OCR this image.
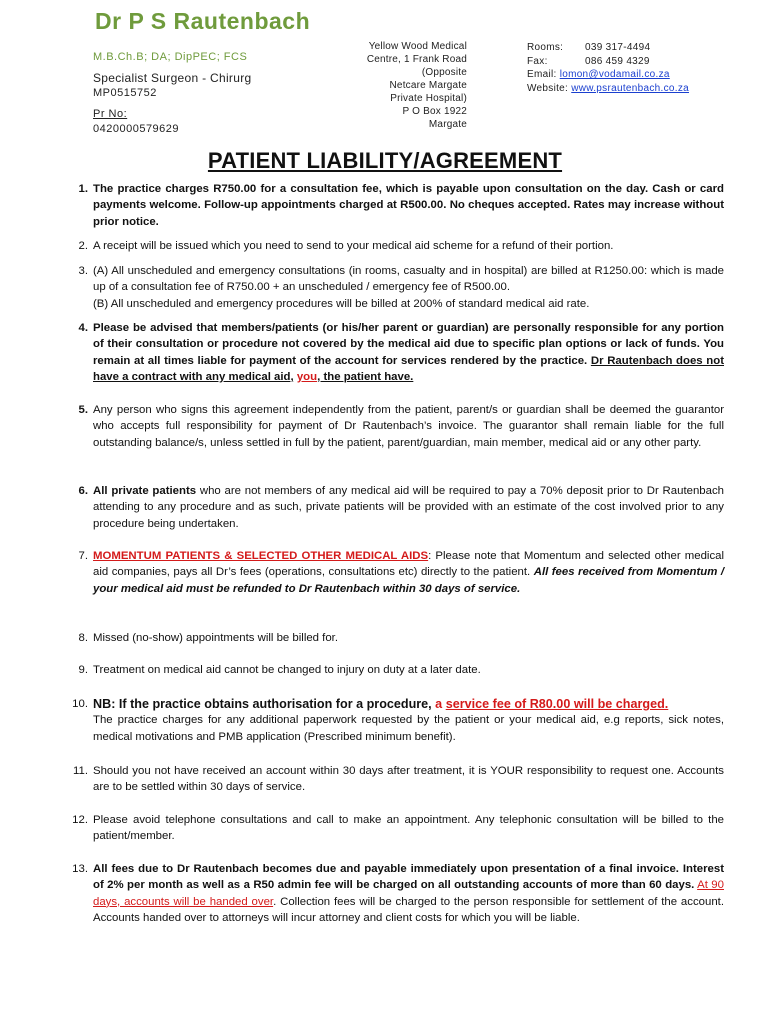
Dr P S Rautenbach
M.B.Ch.B; DA; DipPEC; FCS
Specialist Surgeon - Chirurg
MP0515752
Pr No:
0420000579629
Yellow Wood Medical
Centre, 1 Frank Road
(Opposite
Netcare Margate
Private Hospital)
P O Box 1922
Margate
Rooms: 039 317-4494
Fax:	086 459 4329
Email: lomon@vodamail.co.za
Website: www.psrautenbach.co.za
PATIENT LIABILITY/AGREEMENT
1. The practice charges R750.00 for a consultation fee, which is payable upon consultation on the day. Cash or card payments welcome. Follow-up appointments charged at R500.00. No cheques accepted. Rates may increase without prior notice.

2. A receipt will be issued which you need to send to your medical aid scheme for a refund of their portion.

3. (A) All unscheduled and emergency consultations (in rooms, casualty and in hospital) are billed at R1250.00: which is made up of a consultation fee of R750.00 + an unscheduled / emergency fee of R500.00.

(B) All unscheduled and emergency procedures will be billed at 200% of standard medical aid rate.

4. Please be advised that members/patients (or his/her parent or guardian) are personally responsible for any portion of their consultation or procedure not covered by the medical aid due to specific plan options or lack of funds. You remain at all times liable for payment of the account for services rendered by the practice. Dr Rautenbach does not have a contract with any medical aid, you, the patient have.

5. Any person who signs this agreement independently from the patient, parent/s or guardian shall be deemed the guarantor who accepts full responsibility for payment of Dr Rautenbach’s invoice. The guarantor shall remain liable for the full outstanding balance/s, unless settled in full by the patient, parent/guardian, main member, medical aid or any other party.

6. All private patients who are not members of any medical aid will be required to pay a 70% deposit prior to Dr Rautenbach attending to any procedure and as such, private patients will be provided with an estimate of the cost involved prior to any procedure being undertaken.

7. MOMENTUM PATIENTS & SELECTED OTHER MEDICAL AIDS: Please note that Momentum and selected other medical aid companies, pays all Dr’s fees (operations, consultations etc) directly to the patient. All fees received from Momentum / your medical aid must be refunded to Dr Rautenbach within 30 days of service.

8. Missed (no-show) appointments will be billed for.

9. Treatment on medical aid cannot be changed to injury on duty at a later date.

10. NB: If the practice obtains authorisation for a procedure, a service fee of R80.00 will be charged.

The practice charges for any additional paperwork requested by the patient or your medical aid, e.g reports, sick notes, medical motivations and PMB application (Prescribed minimum benefit).

11. Should you not have received an account within 30 days after treatment, it is YOUR responsibility to request one. Accounts are to be settled within 30 days of service.

12. Please avoid telephone consultations and call to make an appointment. Any telephonic consultation will be billed to the patient/member.

13. All fees due to Dr Rautenbach becomes due and payable immediately upon presentation of a final invoice. Interest of 2% per month as well as a R50 admin fee will be charged on all outstanding accounts of more than 60 days. At 90 days, accounts will be handed over. Collection fees will be charged to the person responsible for settlement of the account. Accounts handed over to attorneys will incur attorney and client costs for which you will be liable.
